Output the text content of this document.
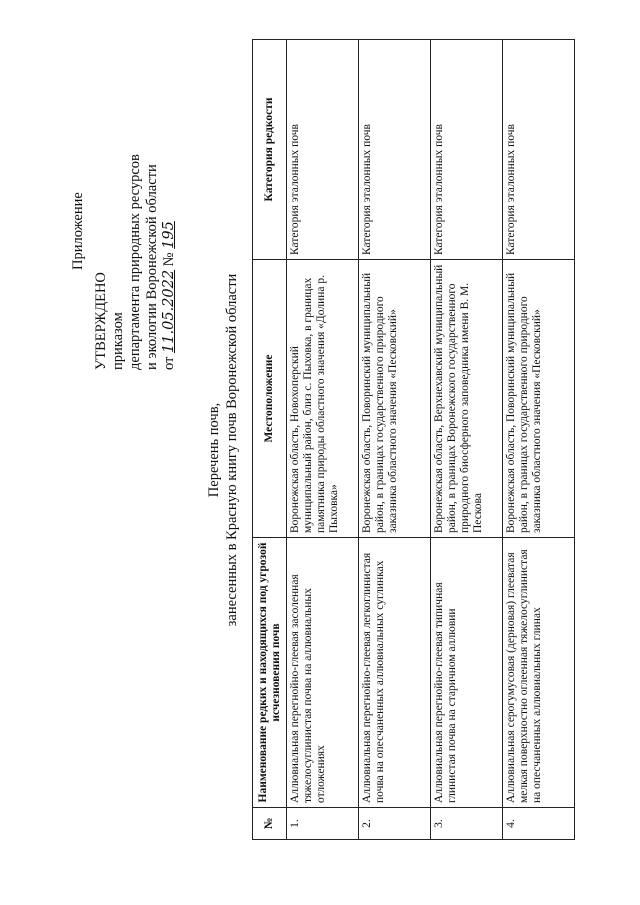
Приложение
УТВЕРЖДЕНО приказом департамента природных ресурсов и экологии Воронежской области от 11.05.2022 № 195
Перечень почв, занесенных в Красную книгу почв Воронежской области
№	Наименование редких и находящихся под угрозой исчезновения почв	Местоположение	Категория редкости
1.	Аллювиальная перегнойно-глеевая засоленная тяжелосуглинистая почва на аллювиальных отложениях	Воронежская область, Новохоперский муниципальный район, близ с. Пыховка, в границах памятника природы областного значения «Долина р. Пыховка»	Категория эталонных почв
2.	Аллювиальная перегнойно-глеевая легкоглинистая почва на опесчаненных аллювиальных суглинках	Воронежская область, Поворинский муниципальный район, в границах государственного природного заказника областного значения «Песковский»	Категория эталонных почв
3.	Аллювиальная перегнойно-глеевая типичная глинистая почва на старичном аллювии	Воронежская область, Верхнехавский муниципальный район, в границах Воронежского государственного природного биосферного заповедника имени В. М. Пескова	Категория эталонных почв
4.	Аллювиальная серогумусовая (дерновая) глееватая мелкая поверхностно оглеенная тяжелосуглинистая на опесчаненных аллювиальных глинах	Воронежская область, Поворинский муниципальный район, в границах государственного природного заказника областного значения «Песковский»	Категория эталонных почв
